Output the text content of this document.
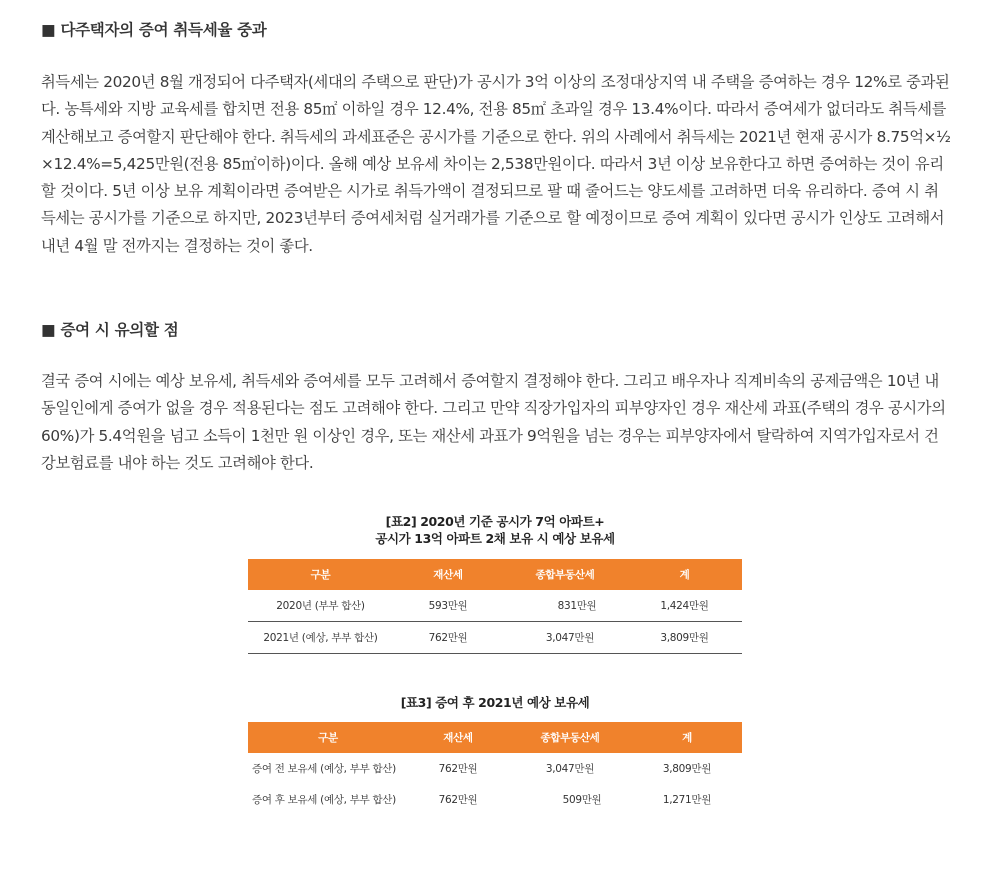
■ 다주택자의 증여 취득세율 중과

취득세는 2020년 8월 개정되어 다주택자(세대의 주택으로 판단)가 공시가 3억 이상의 조정대상지역 내 주택을 증여하는 경우 12%로 중과된다. 농특세와 지방 교육세를 합치면 전용 85㎡ 이하일 경우 12.4%, 전용 85㎡ 초과일 경우 13.4%이다. 따라서 증여세가 없더라도 취득세를 계산해보고 증여할지 판단해야 한다. 취득세의 과세표준은 공시가를 기준으로 한다. 위의 사례에서 취득세는 2021년 현재 공시가 8.75억×½×12.4%=5,425만원(전용 85㎡이하)이다. 올해 예상 보유세 차이는 2,538만원이다. 따라서 3년 이상 보유한다고 하면 증여하는 것이 유리할 것이다. 5년 이상 보유 계획이라면 증여받은 시가로 취득가액이 결정되므로 팔 때 줄어드는 양도세를 고려하면 더욱 유리하다. 증여 시 취득세는 공시가를 기준으로 하지만, 2023년부터 증여세처럼 실거래가를 기준으로 할 예정이므로 증여 계획이 있다면 공시가 인상도 고려해서 내년 4월 말 전까지는 결정하는 것이 좋다.

■ 증여 시 유의할 점

결국 증여 시에는 예상 보유세, 취득세와 증여세를 모두 고려해서 증여할지 결정해야 한다. 그리고 배우자나 직계비속의 공제금액은 10년 내 동일인에게 증여가 없을 경우 적용된다는 점도 고려해야 한다. 그리고 만약 직장가입자의 피부양자인 경우 재산세 과표(주택의 경우 공시가의 60%)가 5.4억원을 넘고 소득이 1천만 원 이상인 경우, 또는 재산세 과표가 9억원을 넘는 경우는 피부양자에서 탈락하여 지역가입자로서 건강보험료를 내야 하는 것도 고려해야 한다.

[표2] 2020년 기준 공시가 7억 아파트+
공시가 13억 아파트 2채 보유 시 예상 보유세
구분	재산세	종합부동산세	계
2020년 (부부 합산)	593만원	831만원	1,424만원
2021년 (예상, 부부 합산)	762만원	3,047만원	3,809만원
[표3] 증여 후 2021년 예상 보유세
구분	재산세	종합부동산세	계
증여 전 보유세 (예상, 부부 합산)	762만원	3,047만원	3,809만원
증여 후 보유세 (예상, 부부 합산)	762만원	509만원	1,271만원
